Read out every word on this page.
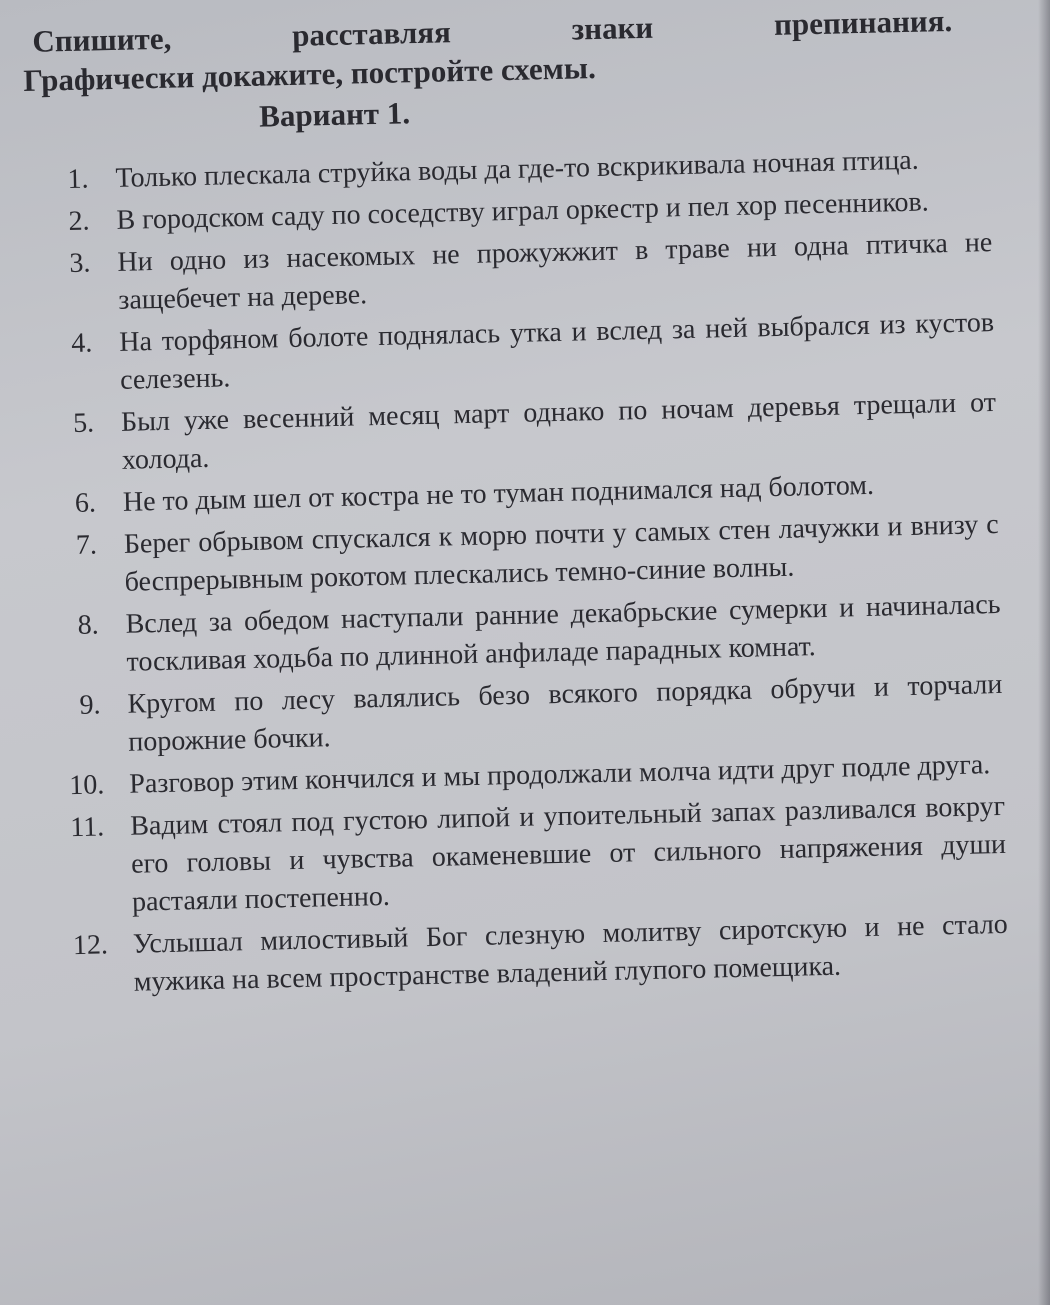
Спишите,	расставляя	знаки	препинания.
Графически докажите, постройте схемы.
Вариант 1.
1. Только плескала струйка воды да где-то вскрикивала ночная птица.
2. В городском саду по соседству играл оркестр и пел хор песенников.
3. Ни одно из насекомых не прожужжит в траве ни одна птичка не защебечет на дереве.
4. На торфяном болоте поднялась утка и вслед за ней выбрался из кустов селезень.
5. Был уже весенний месяц март однако по ночам деревья трещали от холода.
6. Не то дым шел от костра не то туман поднимался над болотом.
7. Берег обрывом спускался к морю почти у самых стен лачужки и внизу с беспрерывным рокотом плескались темно-синие волны.
8. Вслед за обедом наступали ранние декабрьские сумерки и начиналась тоскливая ходьба по длинной анфиладе парадных комнат.
9. Кругом по лесу валялись безо всякого порядка обручи и торчали порожние бочки.
10. Разговор этим кончился и мы продолжали молча идти друг подле друга.
11. Вадим стоял под густою липой и упоительный запах разливался вокруг его головы и чувства окаменевшие от сильного напряжения души растаяли постепенно.
12. Услышал милостивый Бог слезную молитву сиротскую и не стало мужика на всем пространстве владений глупого помещика.
